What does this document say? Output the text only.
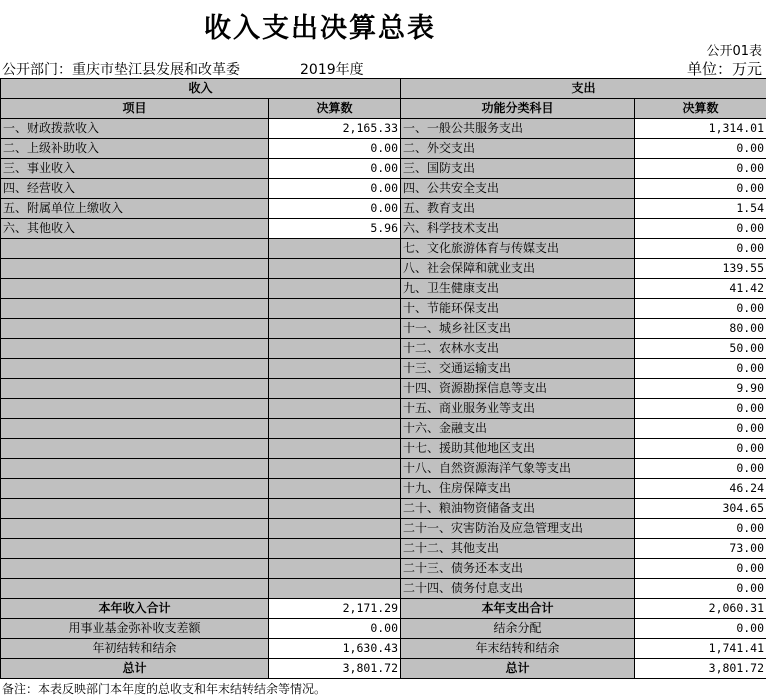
收入支出决算总表
公开01表
公开部门：重庆市垫江县发展和改革委	2019年度	单位：万元
收入		支出	
项目	决算数	功能分类科目	决算数
一、财政拨款收入	2,165.33	一、一般公共服务支出	1,314.01
二、上级补助收入	0.00	二、外交支出	0.00
三、事业收入	0.00	三、国防支出	0.00
四、经营收入	0.00	四、公共安全支出	0.00
五、附属单位上缴收入	0.00	五、教育支出	1.54
六、其他收入	5.96	六、科学技术支出	0.00
		七、文化旅游体育与传媒支出	0.00
		八、社会保障和就业支出	139.55
		九、卫生健康支出	41.42
		十、节能环保支出	0.00
		十一、城乡社区支出	80.00
		十二、农林水支出	50.00
		十三、交通运输支出	0.00
		十四、资源勘探信息等支出	9.90
		十五、商业服务业等支出	0.00
		十六、金融支出	0.00
		十七、援助其他地区支出	0.00
		十八、自然资源海洋气象等支出	0.00
		十九、住房保障支出	46.24
		二十、粮油物资储备支出	304.65
		二十一、灾害防治及应急管理支出	0.00
		二十二、其他支出	73.00
		二十三、债务还本支出	0.00
		二十四、债务付息支出	0.00
本年收入合计	2,171.29	本年支出合计	2,060.31
用事业基金弥补收支差额	0.00	结余分配	0.00
年初结转和结余	1,630.43	年末结转和结余	1,741.41
总计	3,801.72	总计	3,801.72
备注：本表反映部门本年度的总收支和年末结转结余等情况。
